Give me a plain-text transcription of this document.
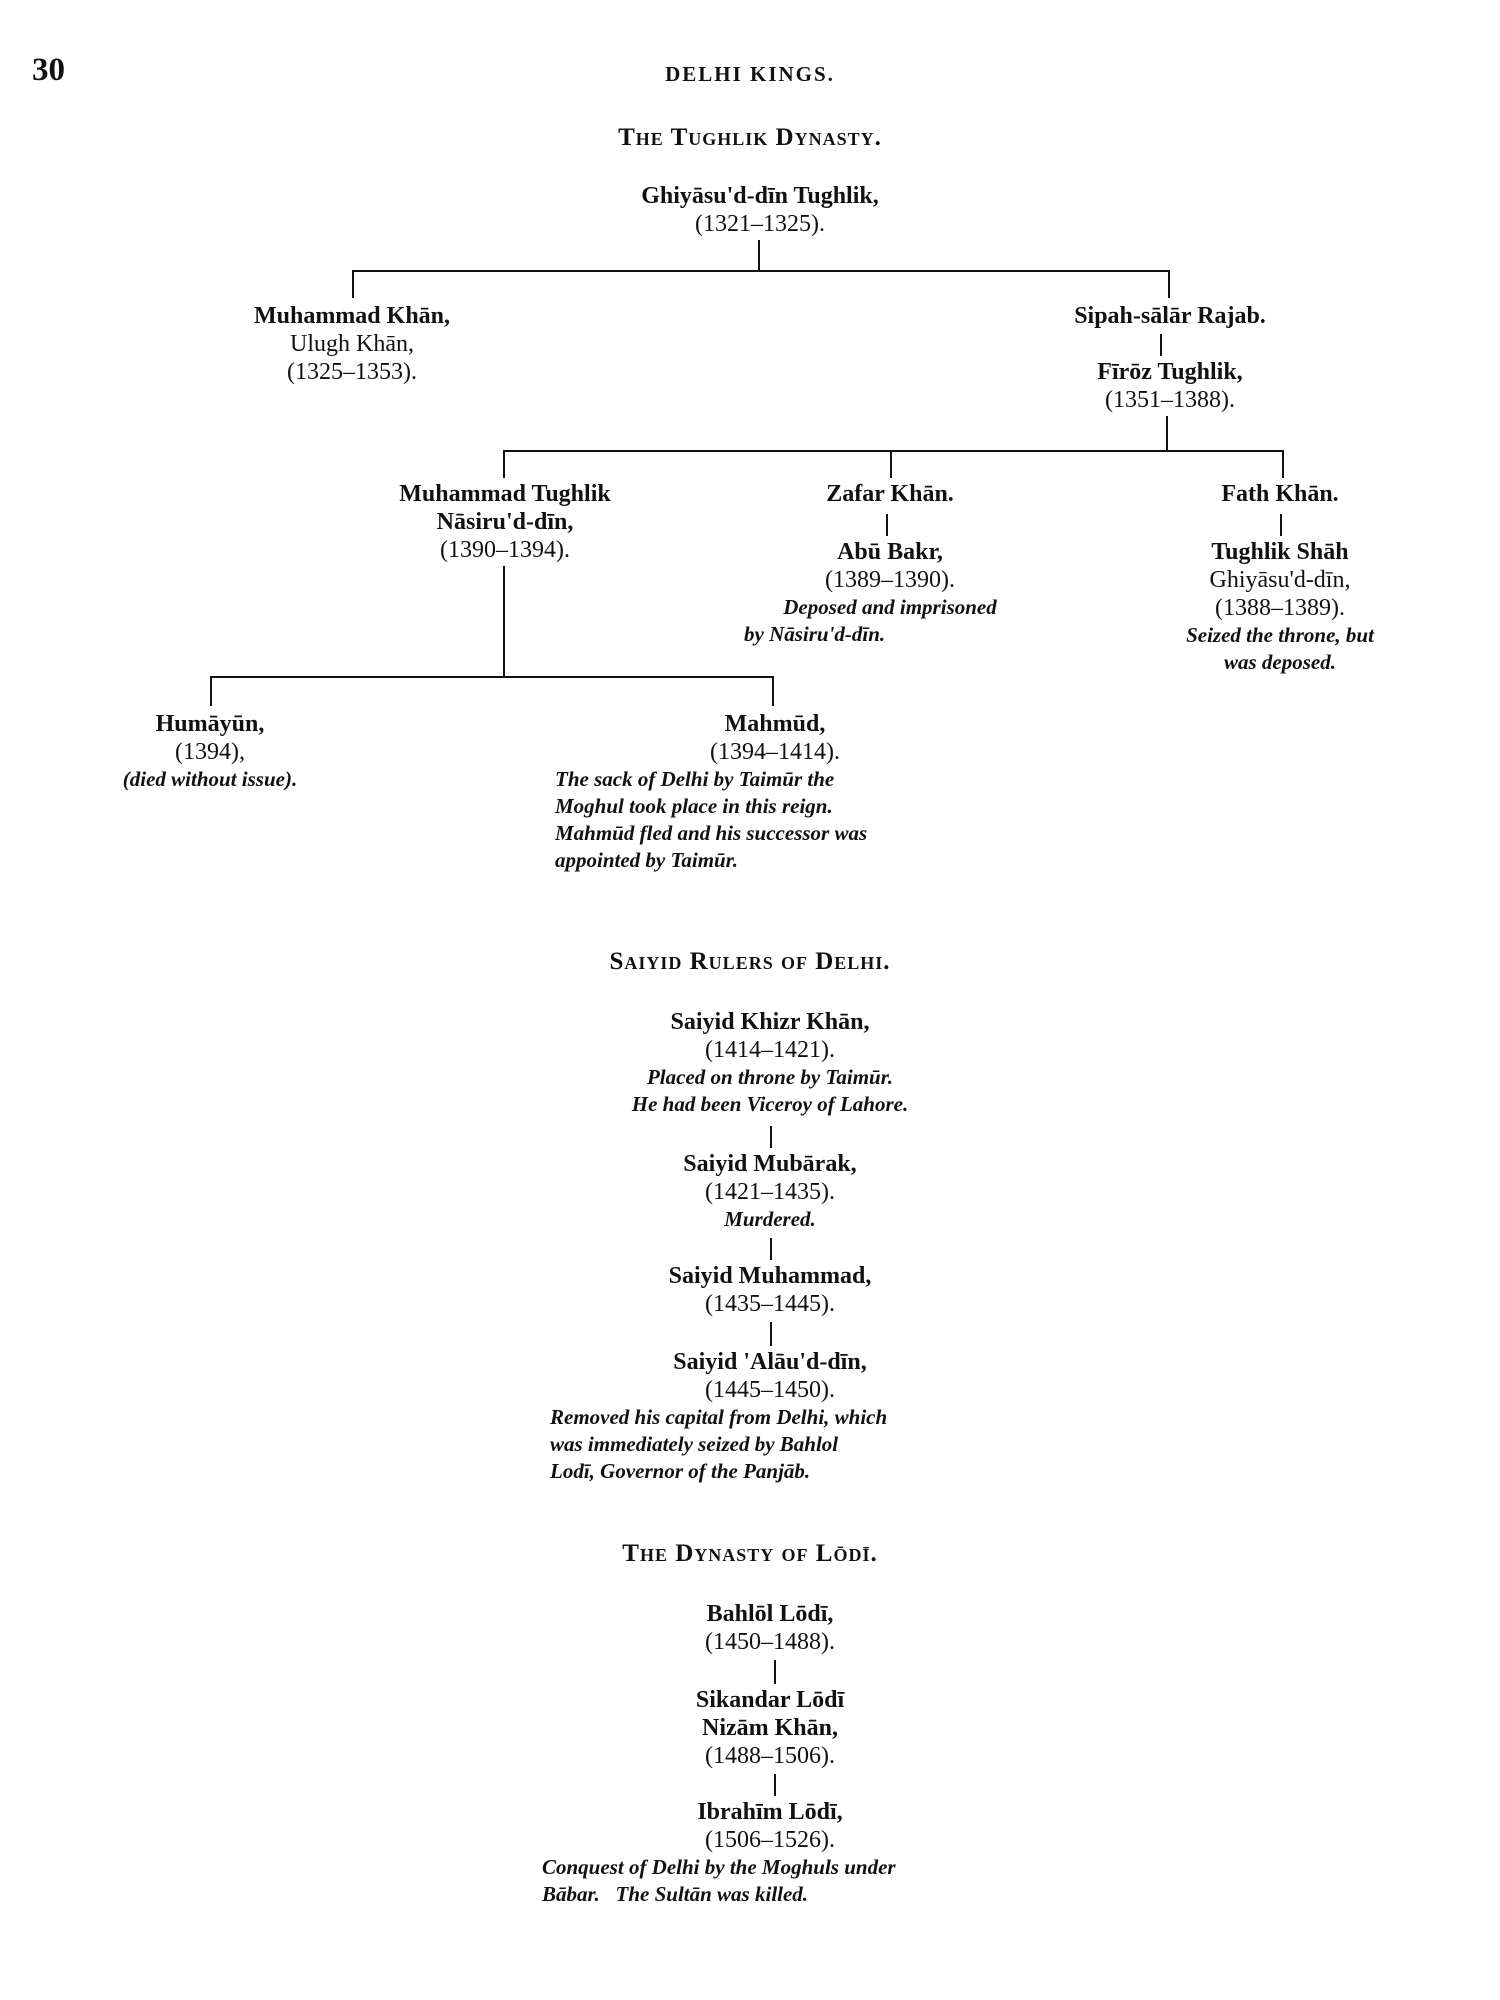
30	DELHI KINGS.
The Tughlik Dynasty.
Ghiyāsu'd-dīn Tughlik,
(1321–1325).
Muhammad Khān,
Ulugh Khān,
(1325–1353).
Sipah-sālār Rajab.
Fīrōz Tughlik,
(1351–1388).
Muhammad Tughlik
Nāsiru'd-dīn,
(1390–1394).
Zafar Khān.
Abū Bakr,
(1389–1390).
Deposed and imprisoned
by Nāsiru'd-dīn.
Fath Khān.
Tughlik Shāh
Ghiyāsu'd-dīn,
(1388–1389).
Seized the throne, but
was deposed.
Humāyūn,
(1394),
(died without issue).
Mahmūd,
(1394–1414).
The sack of Delhi by Taimūr the
Moghul took place in this reign.
Mahmūd fled and his successor was
appointed by Taimūr.
Saiyid Rulers of Delhi.
Saiyid Khizr Khān,
(1414–1421).
Placed on throne by Taimūr.
He had been Viceroy of Lahore.
Saiyid Mubārak,
(1421–1435).
Murdered.
Saiyid Muhammad,
(1435–1445).
Saiyid 'Alāu'd-dīn,
(1445–1450).
Removed his capital from Delhi, which
was immediately seized by Bahlol
Lodī, Governor of the Panjāb.
The Dynasty of Lōdī.
Bahlōl Lōdī,
(1450–1488).
Sikandar Lōdī
Nizām Khān,
(1488–1506).
Ibrahīm Lōdī,
(1506–1526).
Conquest of Delhi by the Moghuls under
Bābar.   The Sultān was killed.
